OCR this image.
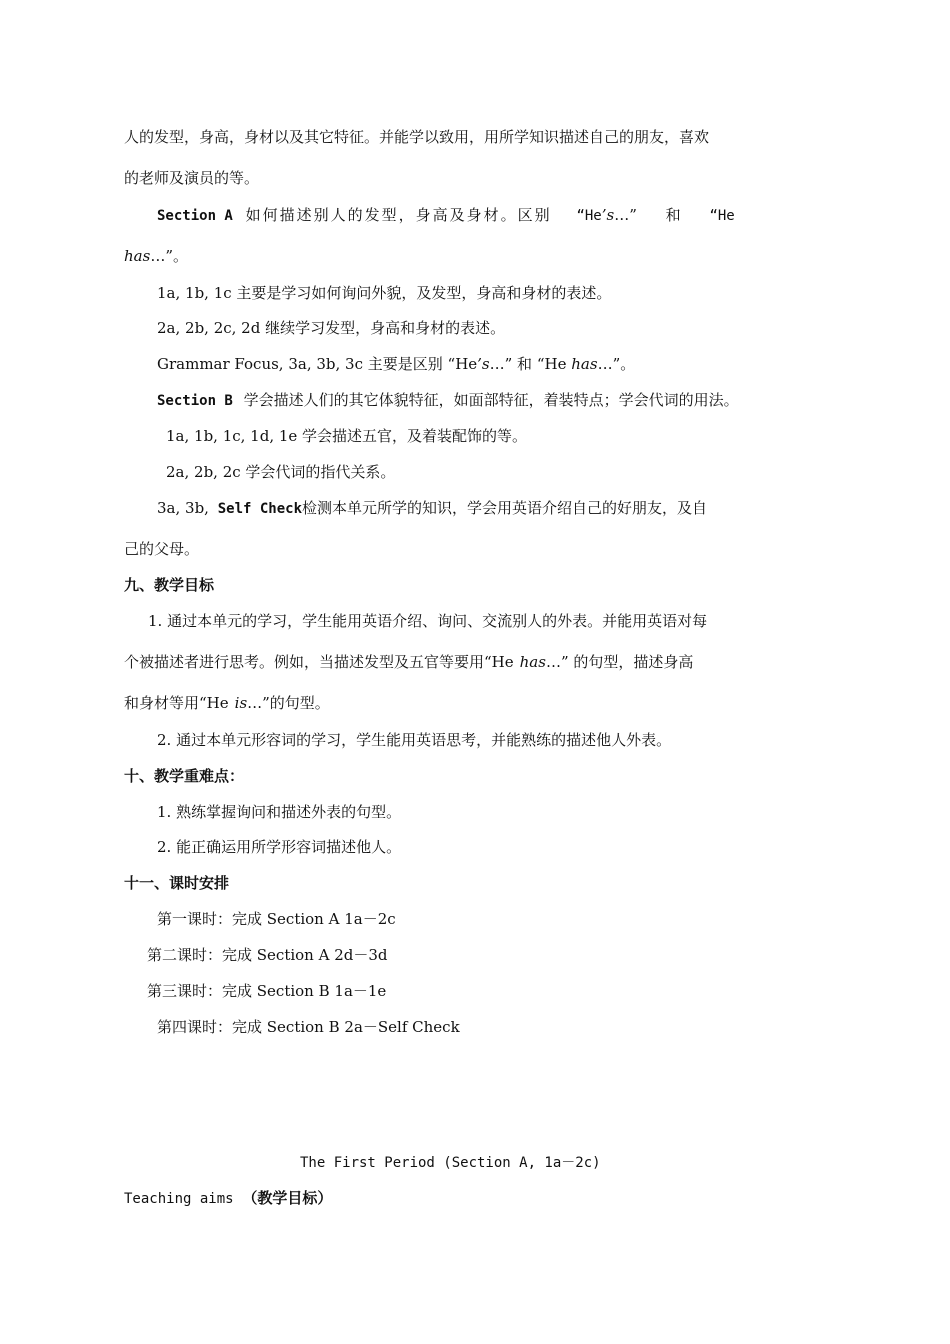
人的发型，身高，身材以及其它特征。并能学以致用，用所学知识描述自己的朋友，喜欢
的老师及演员的等。
Section A 如何描述别人的发型，身高及身材。区别 “He’s…” 和 “He
has…”。
1a, 1b, 1c 主要是学习如何询问外貌，及发型，身高和身材的表述。
2a, 2b, 2c, 2d 继续学习发型，身高和身材的表述。
Grammar Focus, 3a, 3b, 3c 主要是区别 “He’s…” 和 “He has…”。
Section B 学会描述人们的其它体貌特征，如面部特征，着装特点；学会代词的用法。
1a, 1b, 1c, 1d, 1e 学会描述五官，及着装配饰的等。
2a, 2b, 2c 学会代词的指代关系。
3a, 3b, Self Check检测本单元所学的知识，学会用英语介绍自己的好朋友，及自
己的父母。
九、教学目标
1. 通过本单元的学习，学生能用英语介绍、询问、交流别人的外表。并能用英语对每
个被描述者进行思考。例如，当描述发型及五官等要用“He has…” 的句型，描述身高
和身材等用“He is…”的句型。
2. 通过本单元形容词的学习，学生能用英语思考，并能熟练的描述他人外表。
十、教学重难点：
1. 熟练掌握询问和描述外表的句型。
2. 能正确运用所学形容词描述他人。
十一、课时安排
第一课时：完成 Section A 1a－2c
第二课时：完成 Section A 2d－3d
第三课时：完成 Section B 1a－1e
第四课时：完成 Section B 2a－Self Check
The First Period (Section A, 1a－2c)
Teaching aims （教学目标）
